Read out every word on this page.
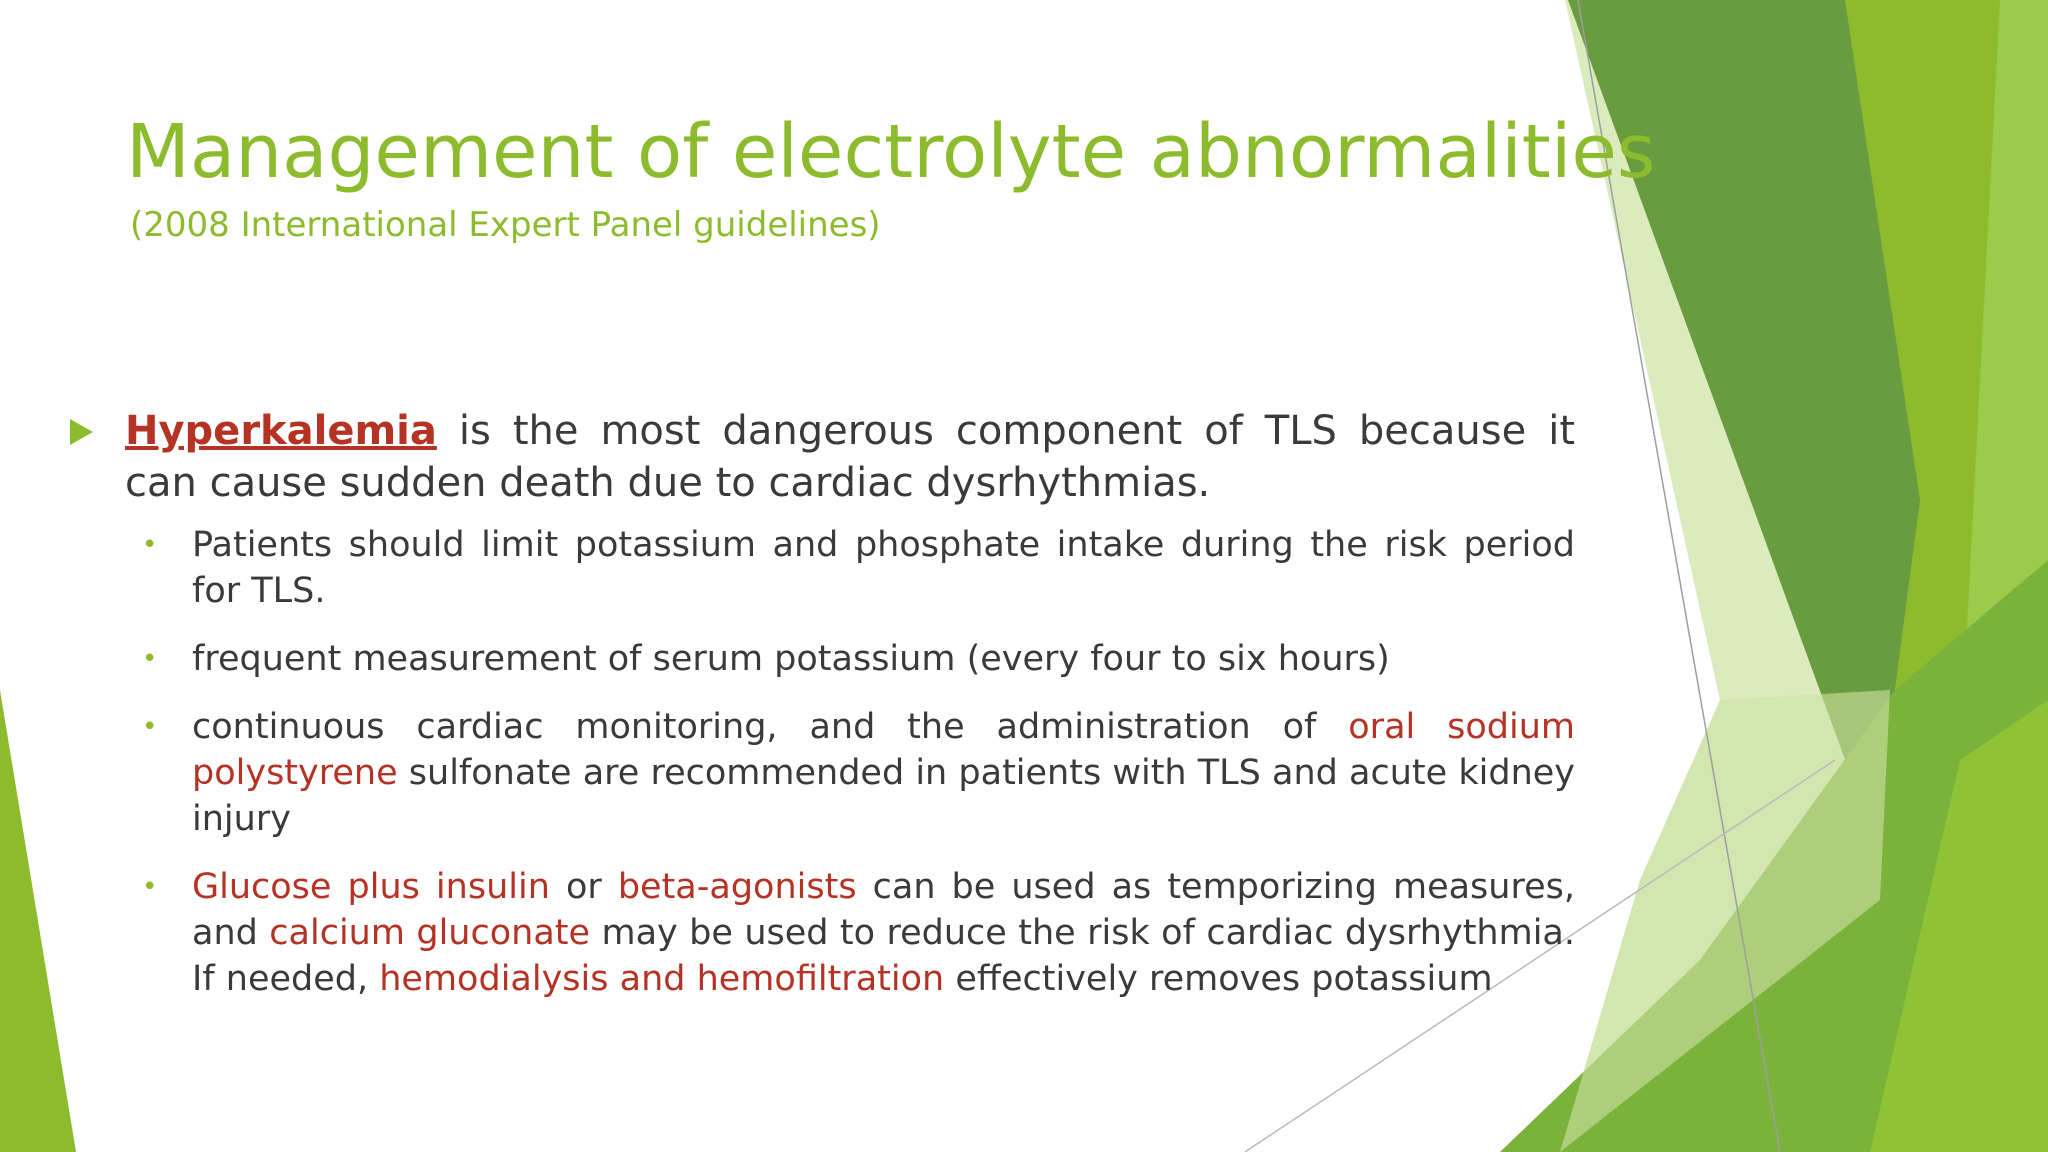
Management of electrolyte abnormalities
(2008 International Expert Panel guidelines)
Hyperkalemia is the most dangerous component of TLS because it can cause sudden death due to cardiac dysrhythmias.
• Patients should limit potassium and phosphate intake during the risk period for TLS.
• frequent measurement of serum potassium (every four to six hours)
• continuous cardiac monitoring, and the administration of oral sodium polystyrene sulfonate are recommended in patients with TLS and acute kidney injury
• Glucose plus insulin or beta-agonists can be used as temporizing measures, and calcium gluconate may be used to reduce the risk of cardiac dysrhythmia. If needed, hemodialysis and hemofiltration effectively removes potassium
